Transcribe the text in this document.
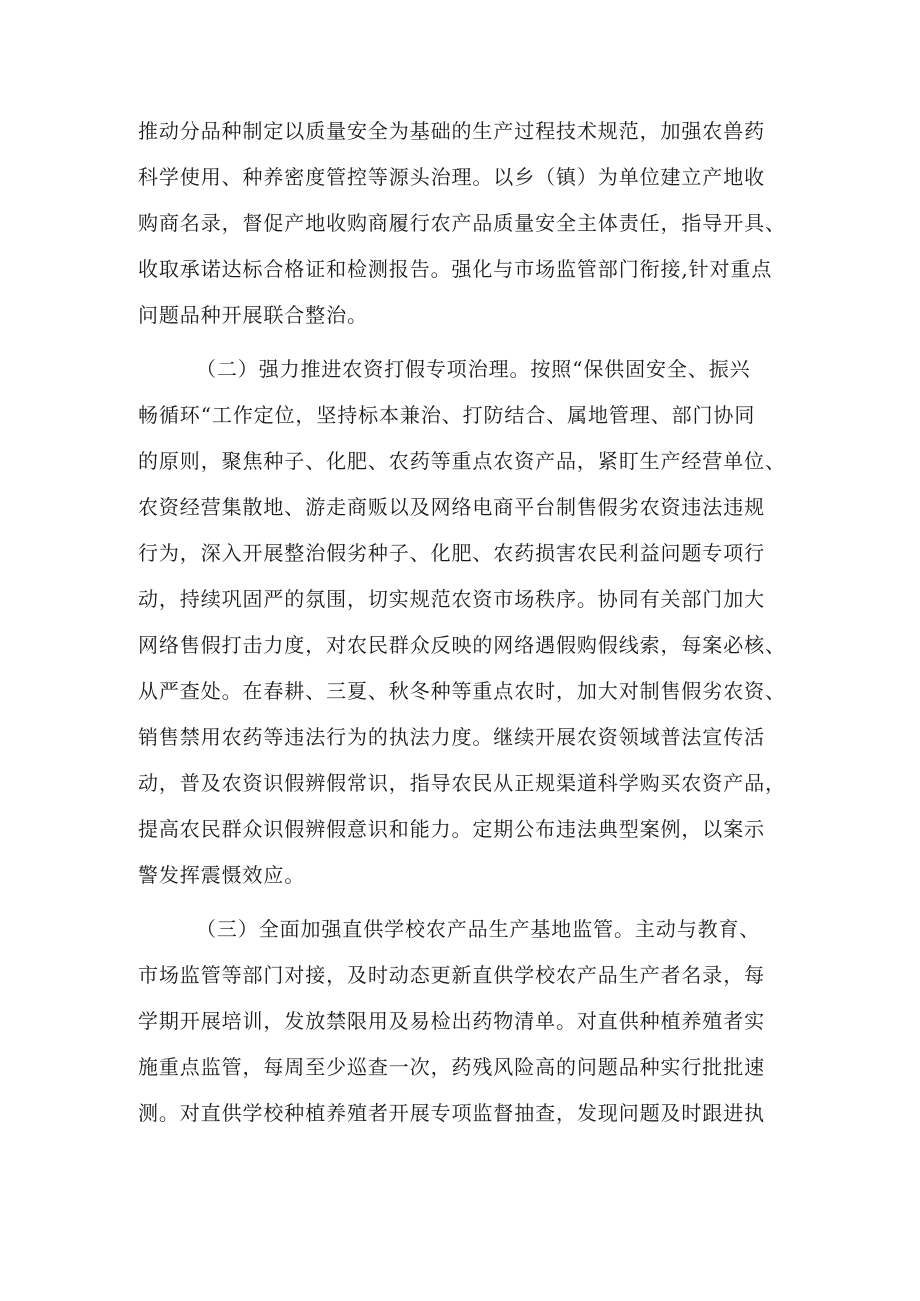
推动分品种制定以质量安全为基础的生产过程技术规范，加强农兽药
科学使用、种养密度管控等源头治理。以乡（镇）为单位建立产地收
购商名录，督促产地收购商履行农产品质量安全主体责任，指导开具、
收取承诺达标合格证和检测报告。强化与市场监管部门衔接,针对重点
问题品种开展联合整治。
（二）强力推进农资打假专项治理。按照“保供固安全、振兴
畅循环“工作定位，坚持标本兼治、打防结合、属地管理、部门协同
的原则，聚焦种子、化肥、农药等重点农资产品，紧盯生产经营单位、
农资经营集散地、游走商贩以及网络电商平台制售假劣农资违法违规
行为，深入开展整治假劣种子、化肥、农药损害农民利益问题专项行
动，持续巩固严的氛围，切实规范农资市场秩序。协同有关部门加大
网络售假打击力度，对农民群众反映的网络遇假购假线索，每案必核、
从严查处。在春耕、三夏、秋冬种等重点农时，加大对制售假劣农资、
销售禁用农药等违法行为的执法力度。继续开展农资领域普法宣传活
动，普及农资识假辨假常识，指导农民从正规渠道科学购买农资产品，
提高农民群众识假辨假意识和能力。定期公布违法典型案例，以案示
警发挥震慑效应。
（三）全面加强直供学校农产品生产基地监管。主动与教育、
市场监管等部门对接，及时动态更新直供学校农产品生产者名录，每
学期开展培训，发放禁限用及易检出药物清单。对直供种植养殖者实
施重点监管，每周至少巡查一次，药残风险高的问题品种实行批批速
测。对直供学校种植养殖者开展专项监督抽查，发现问题及时跟进执
